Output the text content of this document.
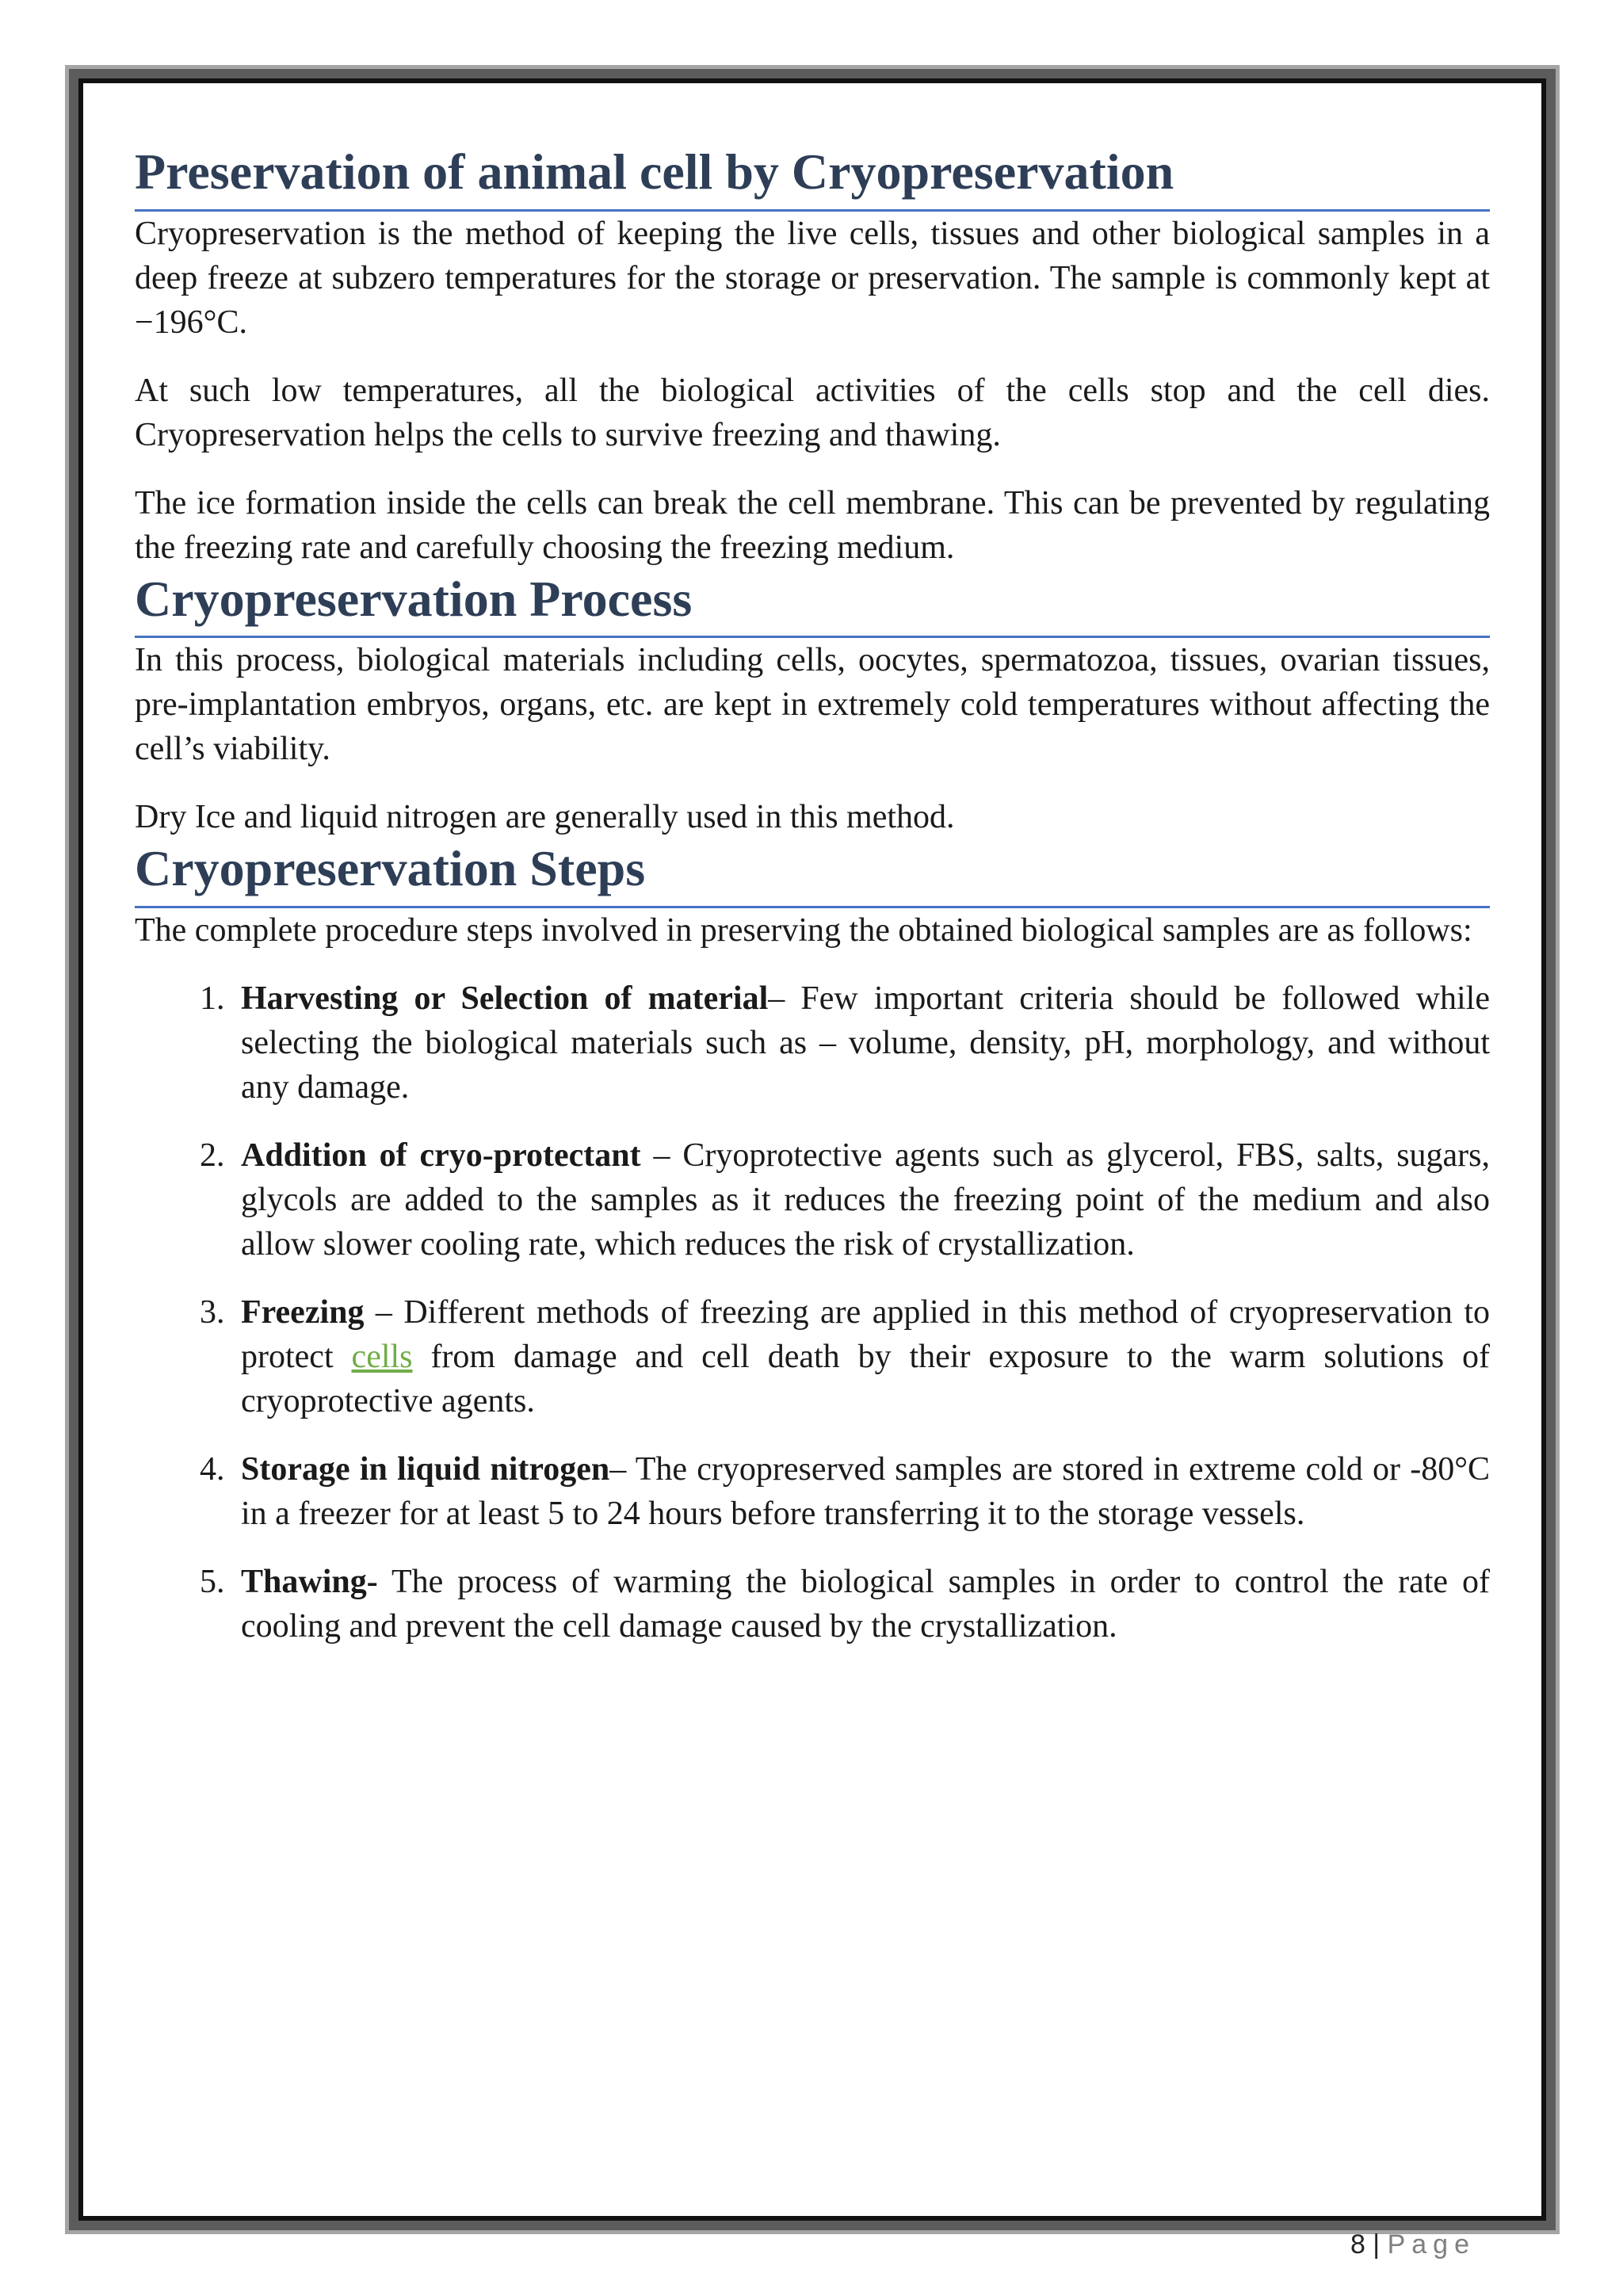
Preservation of animal cell by Cryopreservation

Cryopreservation is the method of keeping the live cells, tissues and other biological samples in a deep freeze at subzero temperatures for the storage or preservation. The sample is commonly kept at −196°C.

At such low temperatures, all the biological activities of the cells stop and the cell dies. Cryopreservation helps the cells to survive freezing and thawing.

The ice formation inside the cells can break the cell membrane. This can be prevented by regulating the freezing rate and carefully choosing the freezing medium.

Cryopreservation Process

In this process, biological materials including cells, oocytes, spermatozoa, tissues, ovarian tissues, pre-implantation embryos, organs, etc. are kept in extremely cold temperatures without affecting the cell’s viability.

Dry Ice and liquid nitrogen are generally used in this method.

Cryopreservation Steps

The complete procedure steps involved in preserving the obtained biological samples are as follows:

1. Harvesting or Selection of material– Few important criteria should be followed while selecting the biological materials such as – volume, density, pH, morphology, and without any damage.
2. Addition of cryo-protectant – Cryoprotective agents such as glycerol, FBS, salts, sugars, glycols are added to the samples as it reduces the freezing point of the medium and also allow slower cooling rate, which reduces the risk of crystallization.
3. Freezing – Different methods of freezing are applied in this method of cryopreservation to protect cells from damage and cell death by their exposure to the warm solutions of cryoprotective agents.
4. Storage in liquid nitrogen– The cryopreserved samples are stored in extreme cold or -80°C in a freezer for at least 5 to 24 hours before transferring it to the storage vessels.
5. Thawing- The process of warming the biological samples in order to control the rate of cooling and prevent the cell damage caused by the crystallization.
8 | Page
